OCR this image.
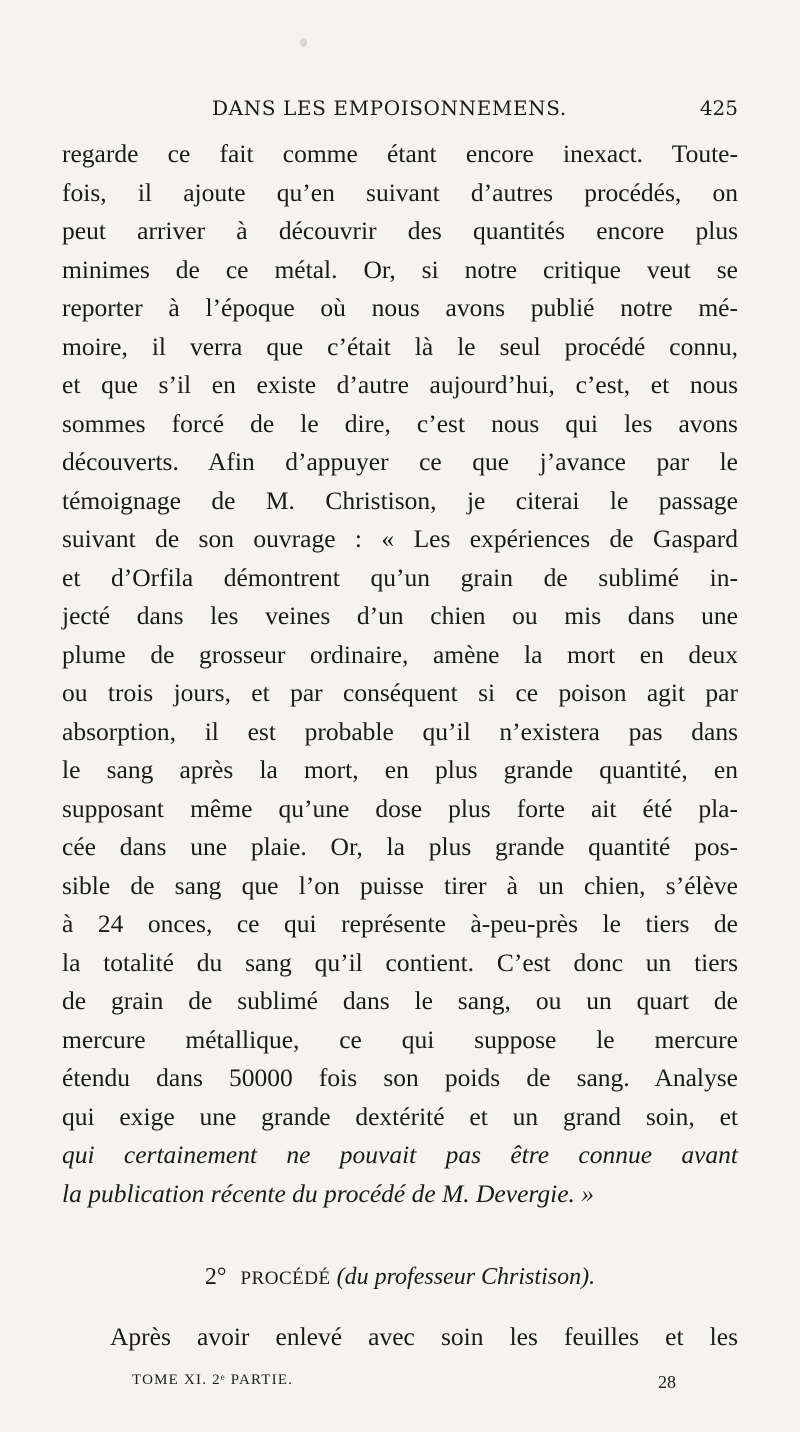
DANS LES EMPOISONNEMENS.	425
regarde ce fait comme étant encore inexact. Toute-
fois, il ajoute qu’en suivant d’autres procédés, on
peut arriver à découvrir des quantités encore plus
minimes de ce métal. Or, si notre critique veut se
reporter à l’époque où nous avons publié notre mé-
moire, il verra que c’était là le seul procédé connu,
et que s’il en existe d’autre aujourd’hui, c’est, et nous
sommes forcé de le dire, c’est nous qui les avons
découverts. Afin d’appuyer ce que j’avance par le
témoignage de M. Christison, je citerai le passage
suivant de son ouvrage : « Les expériences de Gaspard
et d’Orfila démontrent qu’un grain de sublimé in-
jecté dans les veines d’un chien ou mis dans une
plume de grosseur ordinaire, amène la mort en deux
ou trois jours, et par conséquent si ce poison agit par
absorption, il est probable qu’il n’existera pas dans
le sang après la mort, en plus grande quantité, en
supposant même qu’une dose plus forte ait été pla-
cée dans une plaie. Or, la plus grande quantité pos-
sible de sang que l’on puisse tirer à un chien, s’élève
à 24 onces, ce qui représente à-peu-près le tiers de
la totalité du sang qu’il contient. C’est donc un tiers
de grain de sublimé dans le sang, ou un quart de
mercure métallique, ce qui suppose le mercure
étendu dans 50000 fois son poids de sang. Analyse
qui exige une grande dextérité et un grand soin, et
qui certainement ne pouvait pas être connue avant
la publication récente du procédé de M. Devergie. »
2° PROCÉDÉ (du professeur Christison).
Après avoir enlevé avec soin les feuilles et les
TOME XI. 2ᵉ PARTIE.	28
